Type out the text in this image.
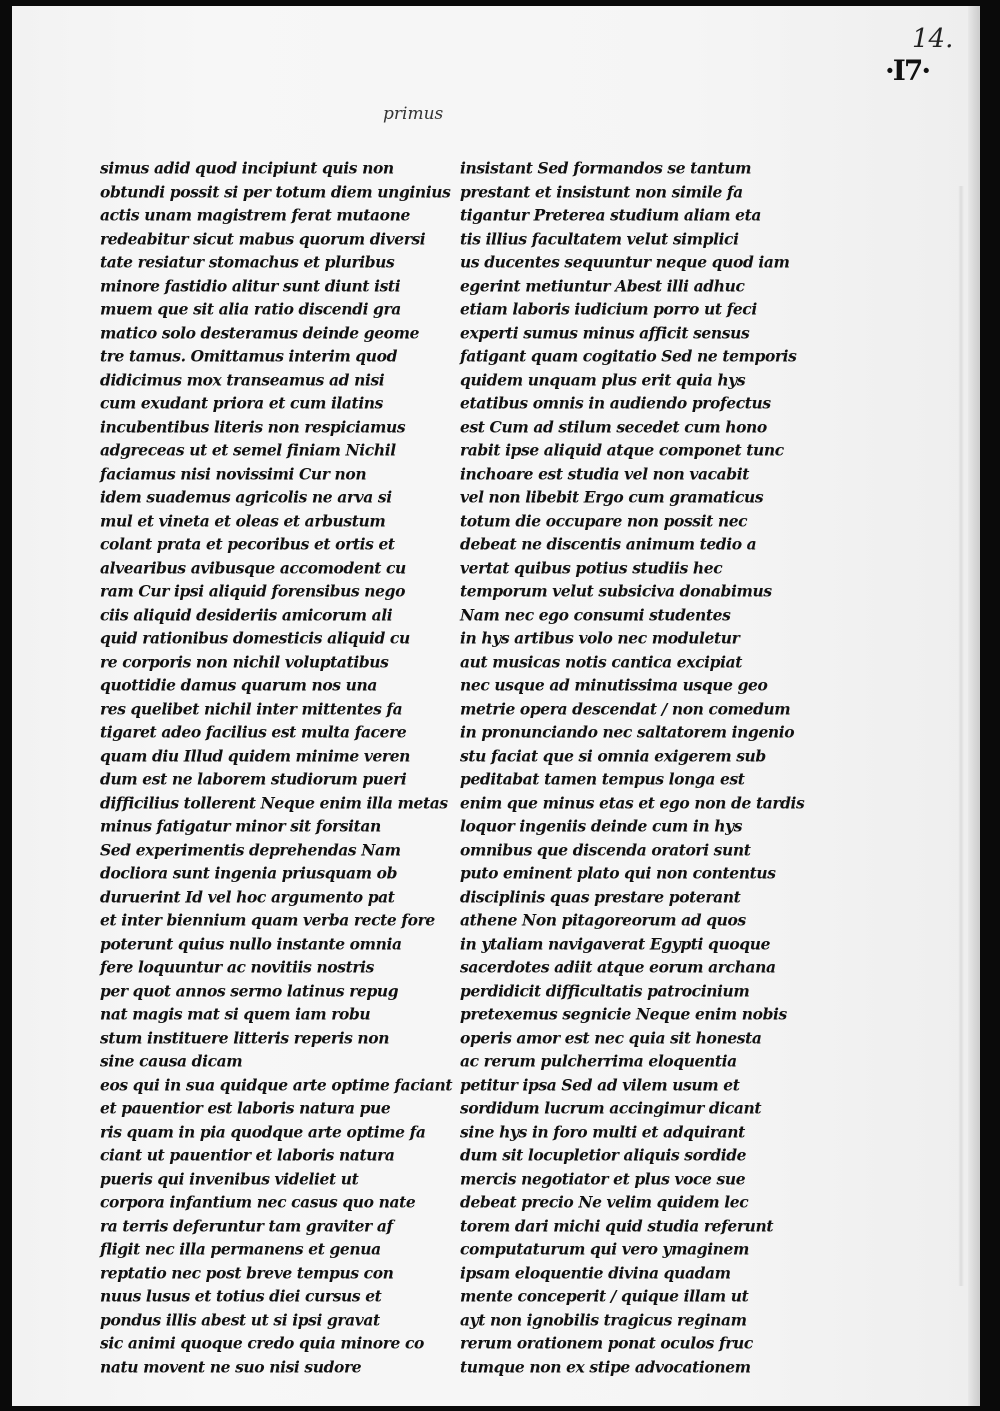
14.
·I7·
primus
simus adid quod incipiunt quis non
obtundi possit si per totum diem unginius
actis unam magistrem ferat mutaone
redeabitur sicut mabus quorum diversi
tate resiatur stomachus et pluribus
minore fastidio alitur sunt diunt isti
muem que sit alia ratio discendi gra
matico solo desteramus deinde geome
tre tamus. Omittamus interim quod
didicimus mox transeamus ad nisi
cum exudant priora et cum ilatins
incubentibus literis non respiciamus
adgreceas ut et semel finiam Nichil
faciamus nisi novissimi Cur non
idem suademus agricolis ne arva si
mul et vineta et oleas et arbustum
colant prata et pecoribus et ortis et
alvearibus avibusque accomodent cu
ram Cur ipsi aliquid forensibus nego
ciis aliquid desideriis amicorum ali
quid rationibus domesticis aliquid cu
re corporis non nichil voluptatibus
quottidie damus quarum nos una
res quelibet nichil inter mittentes fa
tigaret adeo facilius est multa facere
quam diu Illud quidem minime veren
dum est ne laborem studiorum pueri
difficilius tollerent Neque enim illa metas
minus fatigatur minor sit forsitan
Sed experimentis deprehendas Nam
docliora sunt ingenia priusquam ob
duruerint Id vel hoc argumento pat
et inter biennium quam verba recte fore
poterunt quius nullo instante omnia
fere loquuntur ac novitiis nostris
per quot annos sermo latinus repug
nat magis mat si quem iam robu
stum instituere litteris reperis non
sine causa dicam
eos qui in sua quidque arte optime faciant
et pauentior est laboris natura pue
ris quam in pia quodque arte optime fa
ciant ut pauentior et laboris natura
pueris qui invenibus videliet ut
corpora infantium nec casus quo nate
ra terris deferuntur tam graviter af
fligit nec illa permanens et genua
reptatio nec post breve tempus con
nuus lusus et totius diei cursus et
pondus illis abest ut si ipsi gravat
sic animi quoque credo quia minore co
natu movent ne suo nisi sudore
insistant Sed formandos se tantum
prestant et insistunt non simile fa
tigantur Preterea studium aliam eta
tis illius facultatem velut simplici
us ducentes sequuntur neque quod iam
egerint metiuntur Abest illi adhuc
etiam laboris iudicium porro ut feci
experti sumus minus afficit sensus
fatigant quam cogitatio Sed ne temporis
quidem unquam plus erit quia hys
etatibus omnis in audiendo profectus
est Cum ad stilum secedet cum hono
rabit ipse aliquid atque componet tunc
inchoare est studia vel non vacabit
vel non libebit Ergo cum gramaticus
totum die occupare non possit nec
debeat ne discentis animum tedio a
vertat quibus potius studiis hec
temporum velut subsiciva donabimus
Nam nec ego consumi studentes
in hys artibus volo nec moduletur
aut musicas notis cantica excipiat
nec usque ad minutissima usque geo
metrie opera descendat / non comedum
in pronunciando nec saltatorem ingenio
stu faciat que si omnia exigerem sub
peditabat tamen tempus longa est
enim que minus etas et ego non de tardis
loquor ingeniis deinde cum in hys
omnibus que discenda oratori sunt
puto eminent plato qui non contentus
disciplinis quas prestare poterant
athene Non pitagoreorum ad quos
in ytaliam navigaverat Egypti quoque
sacerdotes adiit atque eorum archana
perdidicit difficultatis patrocinium
pretexemus segnicie Neque enim nobis
operis amor est nec quia sit honesta
ac rerum pulcherrima eloquentia
petitur ipsa Sed ad vilem usum et
sordidum lucrum accingimur dicant
sine hys in foro multi et adquirant
dum sit locupletior aliquis sordide
mercis negotiator et plus voce sue
debeat precio Ne velim quidem lec
torem dari michi quid studia referunt
computaturum qui vero ymaginem
ipsam eloquentie divina quadam
mente conceperit / quique illam ut
ayt non ignobilis tragicus reginam
rerum orationem ponat oculos fruc
tumque non ex stipe advocationem
